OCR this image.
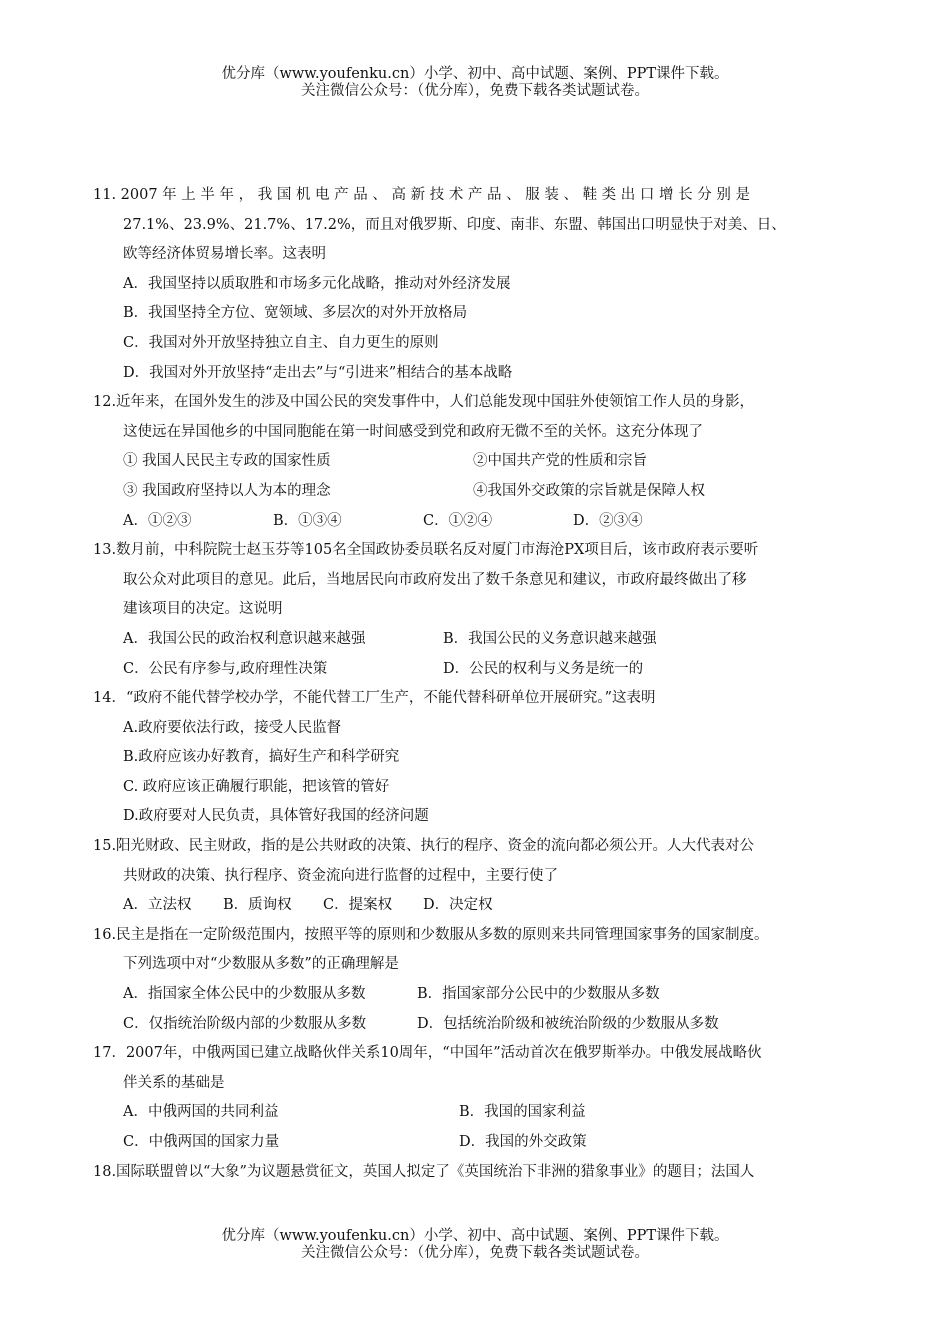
优分库（www.youfenku.cn）小学、初中、高中试题、案例、PPT课件下载。
关注微信公众号：（优分库），免费下载各类试题试卷。
11. 2007 年 上 半 年 ， 我 国 机 电 产 品 、 高 新 技 术 产 品 、 服 装 、 鞋 类 出 口 增 长 分 别 是
27.1%、23.9%、21.7%、17.2%，而且对俄罗斯、印度、南非、东盟、韩国出口明显快于对美、日、
欧等经济体贸易增长率。这表明
A．我国坚持以质取胜和市场多元化战略，推动对外经济发展
B．我国坚持全方位、宽领域、多层次的对外开放格局
C．我国对外开放坚持独立自主、自力更生的原则
D．我国对外开放坚持“走出去”与“引进来”相结合的基本战略
12.近年来，在国外发生的涉及中国公民的突发事件中，人们总能发现中国驻外使领馆工作人员的身影，
这使远在异国他乡的中国同胞能在第一时间感受到党和政府无微不至的关怀。这充分体现了
① 我国人民民主专政的国家性质	②中国共产党的性质和宗旨
③ 我国政府坚持以人为本的理念	④我国外交政策的宗旨就是保障人权
A．①②③	B．①③④	C．①②④	D．②③④
13.数月前，中科院院士赵玉芬等105名全国政协委员联名反对厦门市海沧PX项目后，该市政府表示要听
取公众对此项目的意见。此后，当地居民向市政府发出了数千条意见和建议，市政府最终做出了移
建该项目的决定。这说明
A．我国公民的政治权利意识越来越强	B．我国公民的义务意识越来越强
C．公民有序参与,政府理性决策	D．公民的权利与义务是统一的
14．“政府不能代替学校办学，不能代替工厂生产，不能代替科研单位开展研究。”这表明
A.政府要依法行政，接受人民监督
B.政府应该办好教育，搞好生产和科学研究
C. 政府应该正确履行职能，把该管的管好
D.政府要对人民负责，具体管好我国的经济问题
15.阳光财政、民主财政，指的是公共财政的决策、执行的程序、资金的流向都必须公开。人大代表对公
共财政的决策、执行程序、资金流向进行监督的过程中，主要行使了
A．立法权 B．质询权 C．提案权 D．决定权
16.民主是指在一定阶级范围内，按照平等的原则和少数服从多数的原则来共同管理国家事务的国家制度。
下列选项中对“少数服从多数”的正确理解是
A．指国家全体公民中的少数服从多数	B．指国家部分公民中的少数服从多数
C．仅指统治阶级内部的少数服从多数	D．包括统治阶级和被统治阶级的少数服从多数
17．2007年，中俄两国已建立战略伙伴关系10周年，“中国年”活动首次在俄罗斯举办。中俄发展战略伙
伴关系的基础是
A．中俄两国的共同利益	B．我国的国家利益
C．中俄两国的国家力量	D．我国的外交政策
18.国际联盟曾以“大象”为议题悬赏征文，英国人拟定了《英国统治下非洲的猎象事业》的题目；法国人
优分库（www.youfenku.cn）小学、初中、高中试题、案例、PPT课件下载。
关注微信公众号：（优分库），免费下载各类试题试卷。
